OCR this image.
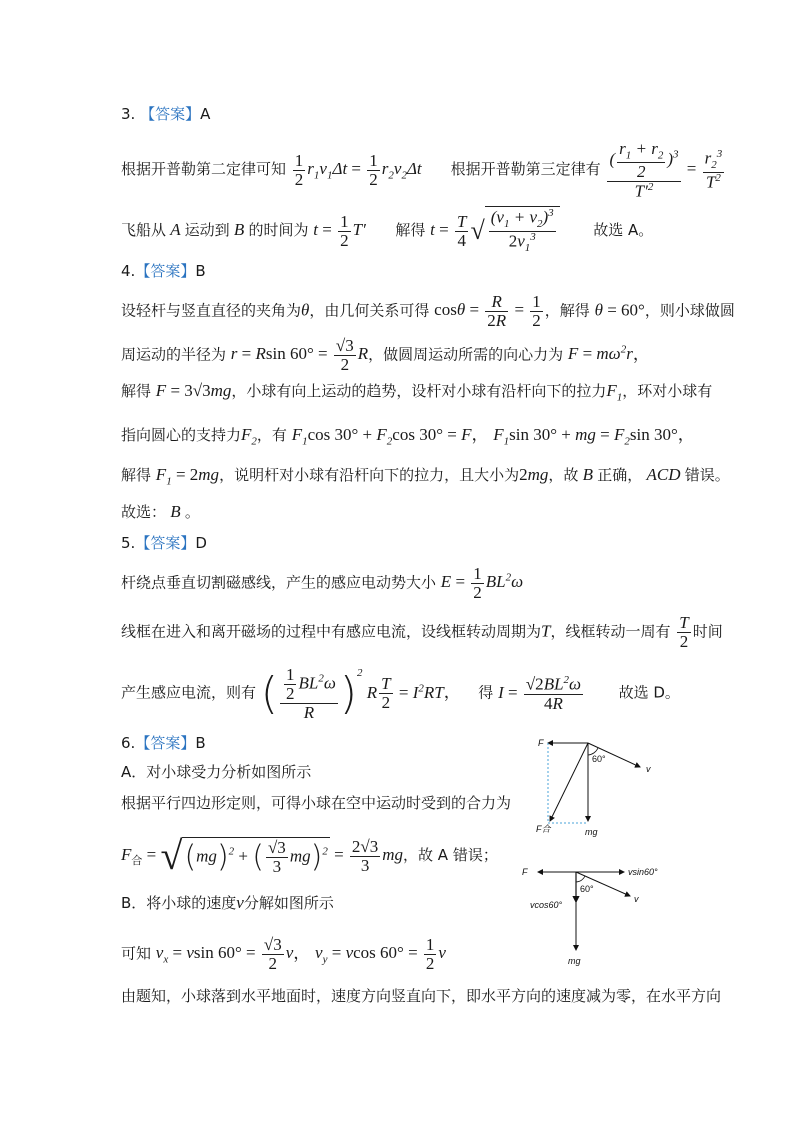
3. 【答案】A
根据开普勒第二定律可知 $\frac{1}{2} r_1v_1\Delta t = \frac{1}{2} r_2v_2\Delta t$  根据开普勒第三定律有 $\frac{( \frac{r_1 + r_2}{2} )^3}{T'^2} = \frac{r_2^3}{T^2}$
飞船从 A 运动到 B 的时间为 $t = \frac{1}{2} T'$ 解得 $t = \frac{T}{4}$ √ $\frac{(v_1 + v_2)^3}{2v_1^3}$	故选 A。
4.【答案】B
设轻杆与竖直直径的夹角为θ，由几何关系可得 $\cos\theta = \frac{R}{2R} = \frac{1}{2}$ ，解得 θ = 60°，则小球做圆
周运动的半径为 r = Rsin $60^\circ = \frac{√3}{2}$ R，做圆周运动所需的向心力为 $F = m\omega^2r$，
解得 F = 3√3mg，小球有向上运动的趋势，设杆对小球有沿杆向下的拉力$F_1$，环对小球有
指向圆心的支持力$F_2$，有 $F_1\cos$ $30^\circ + F_2\cos$ 30° = F， $F_1\sin$ 30° + mg = $F_2\sin$ 30°，
解得 $F_1 = 2mg$，说明杆对小球有沿杆向下的拉力，且大小为2mg，故 B 正确， ACD 错误。
故选： B 。
5.【答案】D
杆绕点垂直切割磁感线，产生的感应电动势大小 $E = \frac{1}{2} BL^2\omega$
线框在进入和离开磁场的过程中有感应电流，设线框转动周期为T，线框转动一周有 $\frac{T}{2}$ 时间
产生感应电流，则有 ( $\frac{\frac{1}{2} BL^2\omega}{R} )^2$ R $\frac{T}{2} = I^2RT$， 得 $I = \frac{√2BL^2\omega}{4R}$ 故选 D。
6.【答案】B
A．对小球受力分析如图所示
根据平行四边形定则，可得小球在空中运动时受到的合力为
$F_合 = √(mg)^2$ + ( $\frac{√3}{3} mg)^2 = \frac{2√3}{3}$ mg，故 A 错误；
B．将小球的速度v分解如图所示
可知 $v_x = vsin$ $60^\circ = \frac{√3}{2}$ v， $v_y = vcos$ $60^\circ = \frac{1}{2}$ v
由题知，小球落到水平地面时，速度方向竖直向下，即水平方向的速度减为零，在水平方向
F
60°
v
mg
F合
F	vsin60°
60°
vcos60°
v
mg
